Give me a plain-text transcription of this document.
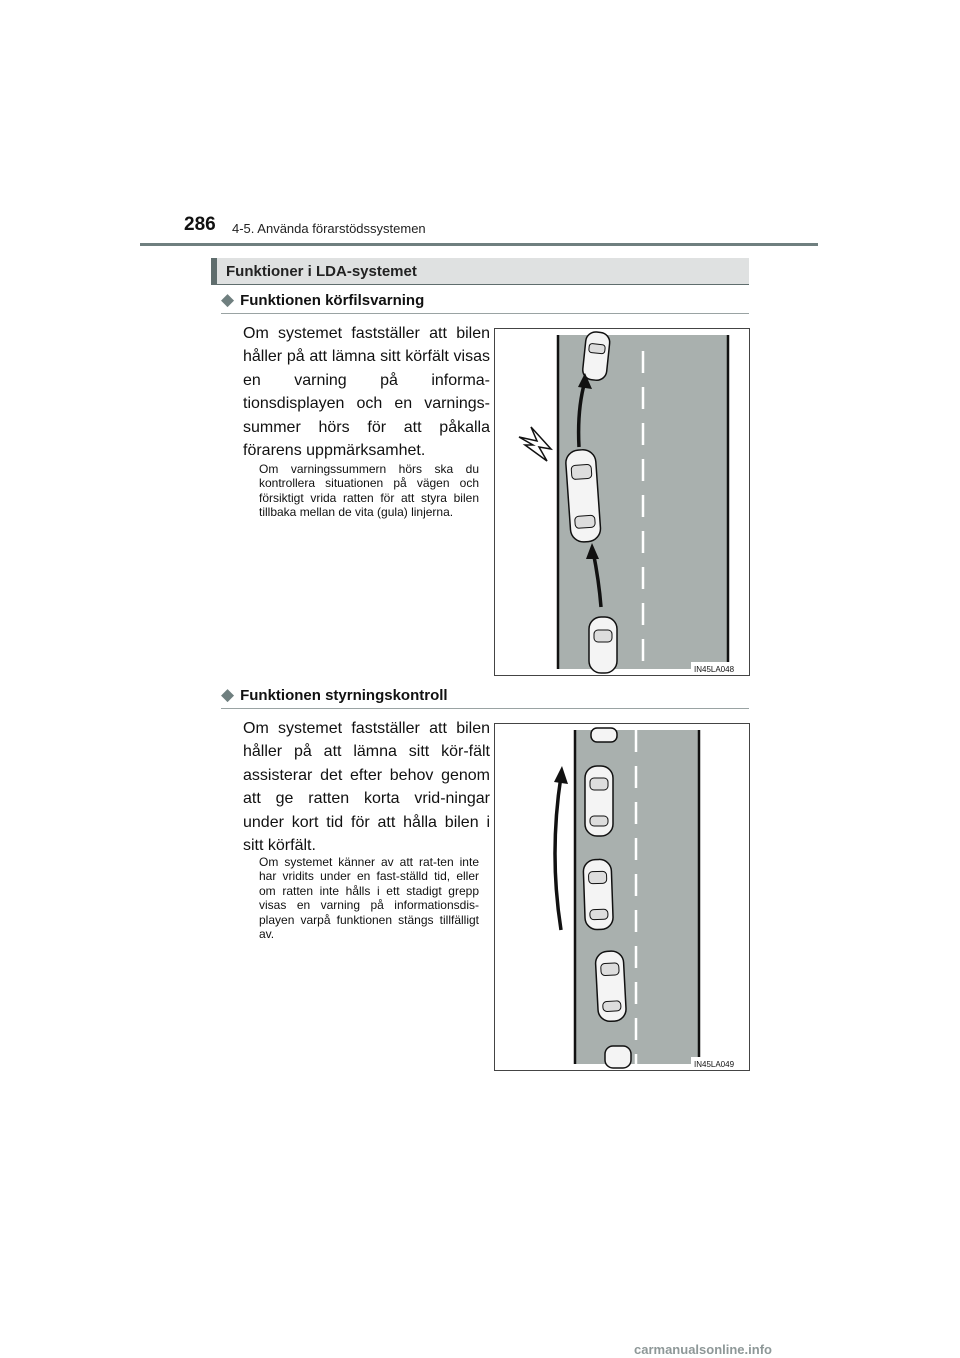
286 4-5. Använda förarstödssystemen
Funktioner i LDA-systemet
◆ Funktionen körfilsvarning
Om systemet fastställer att bilen håller på att lämna sitt körfält visas en varning på informa-tionsdisplayen och en varnings-summer hörs för att påkalla förarens uppmärksamhet.
Om varningssummern hörs ska du kontrollera situationen på vägen och försiktigt vrida ratten för att styra bilen tillbaka mellan de vita (gula) linjerna.
IN45LA048
◆ Funktionen styrningskontroll
Om systemet fastställer att bilen håller på att lämna sitt kör-fält assisterar det efter behov genom att ge ratten korta vrid-ningar under kort tid för att hålla bilen i sitt körfält.
Om systemet känner av att rat-ten inte har vridits under en fast-ställd tid, eller om ratten inte hålls i ett stadigt grepp visas en varning på informationsdis-playen varpå funktionen stängs tillfälligt av.
IN45LA049
carmanualsonline.info
